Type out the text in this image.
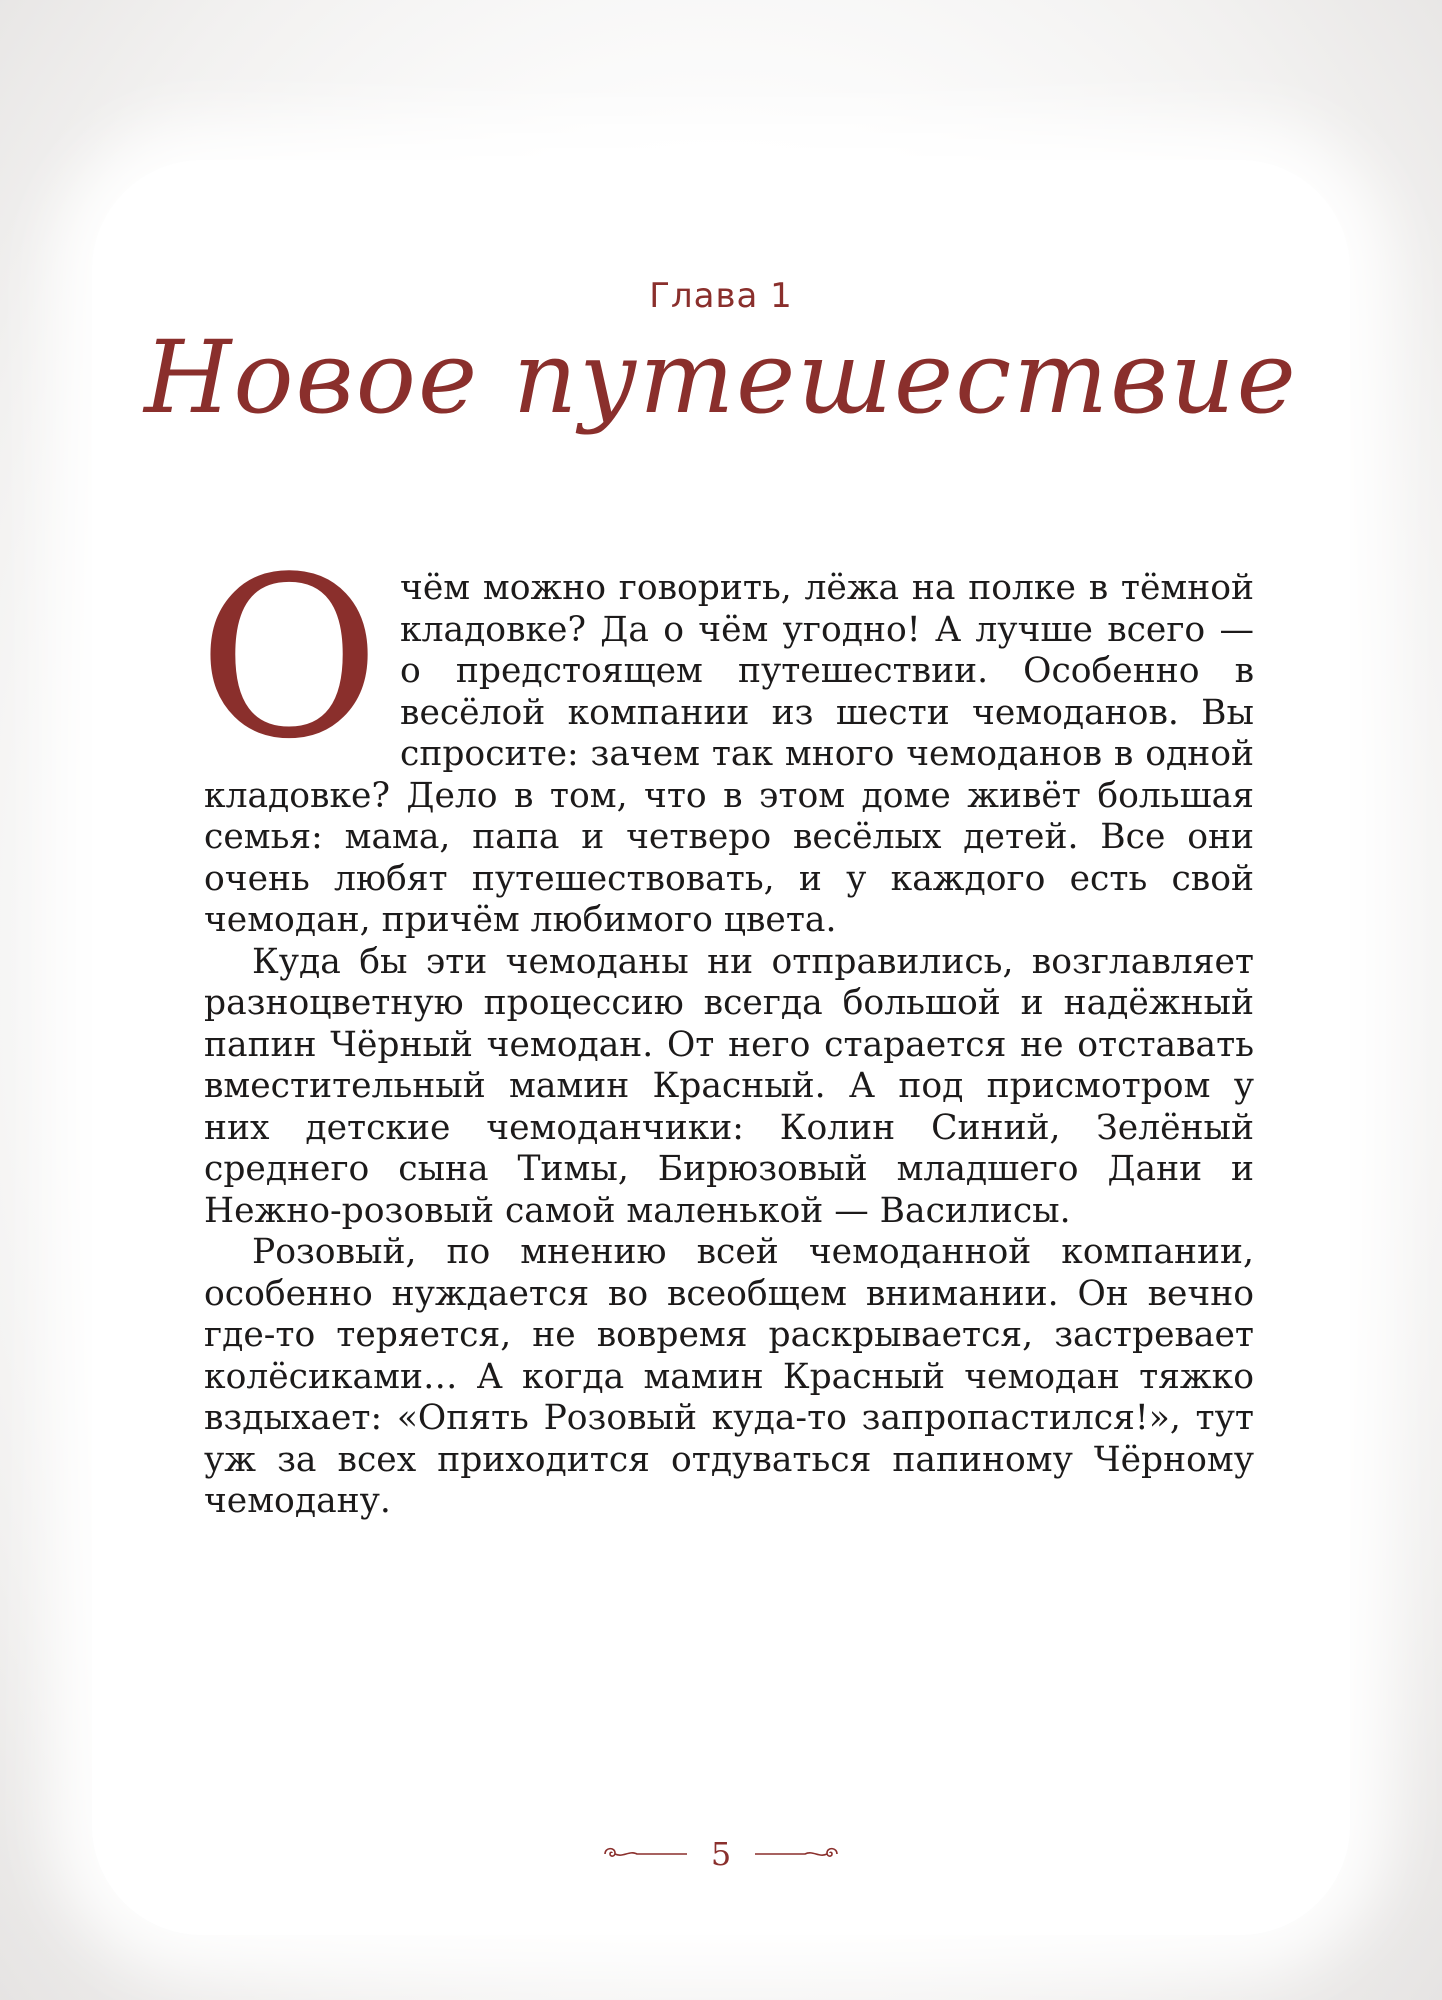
Глава 1
Новое путешествие

О чём можно говорить, лёжа на полке в тёмной кладовке? Да о чём угодно! А лучше всего — о предстоящем путешествии. Особенно в весёлой компании из шести чемоданов. Вы спросите: зачем так много чемоданов в одной кладовке? Дело в том, что в этом доме живёт большая семья: мама, папа и четверо весёлых детей. Все они очень любят путешествовать, и у каждого есть свой чемодан, причём любимого цвета.

Куда бы эти чемоданы ни отправились, возглавляет разноцветную процессию всегда большой и надёжный папин Чёрный чемодан. От него старается не отставать вместительный мамин Красный. А под присмотром у них детские чемоданчики: Колин Синий, Зелёный среднего сына Тимы, Бирюзовый младшего Дани и Нежно-розовый самой маленькой — Василисы.

Розовый, по мнению всей чемоданной компании, особенно нуждается во всеобщем внимании. Он вечно где-то теряется, не вовремя раскрывается, застревает колёсиками… А когда мамин Красный чемодан тяжко вздыхает: «Опять Розовый куда-то запропастился!», тут уж за всех приходится отдуваться папиному Чёрному чемодану.

5
